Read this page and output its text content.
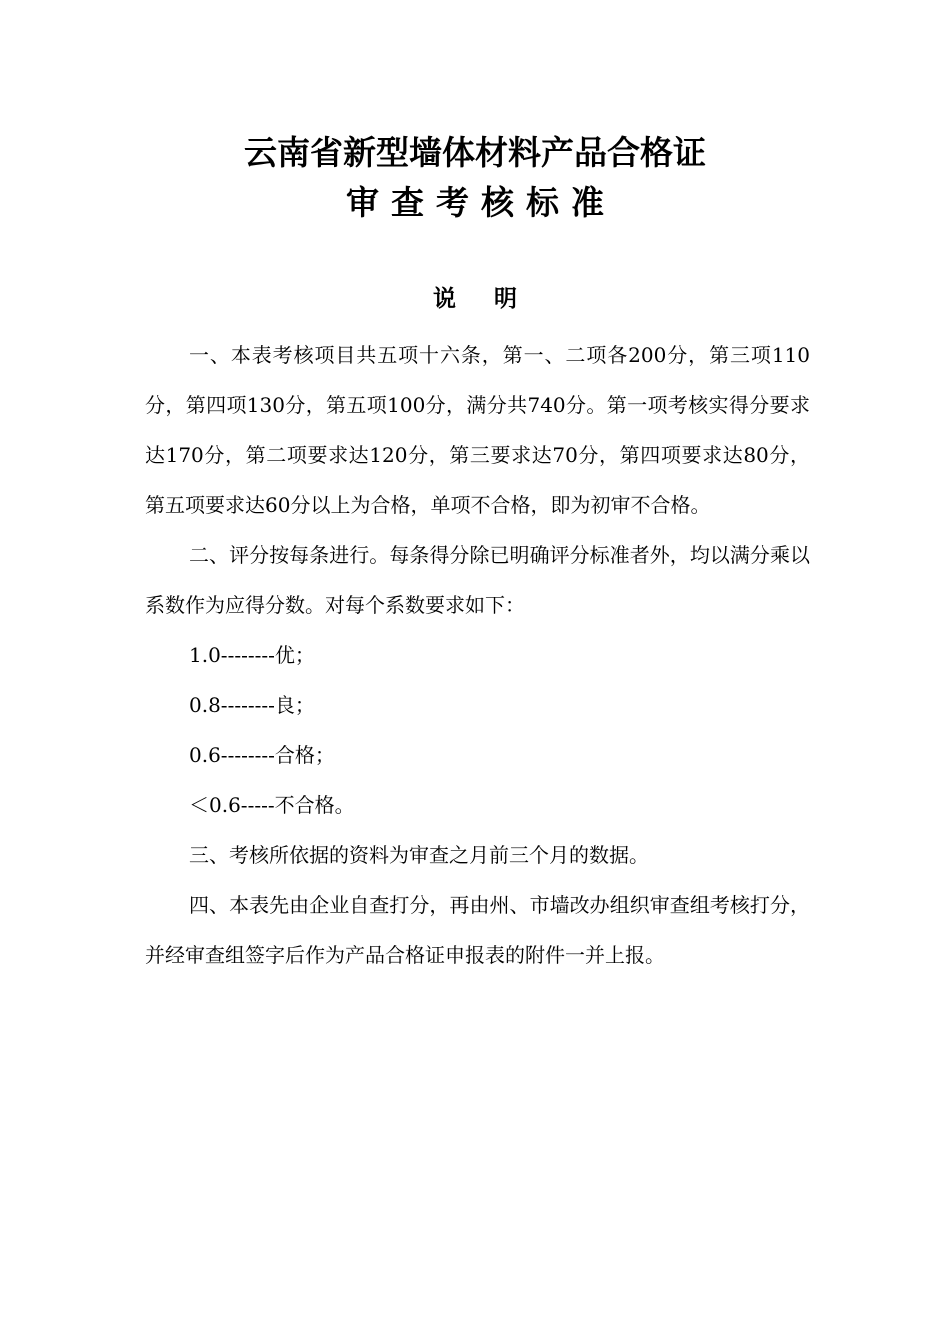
云南省新型墙体材料产品合格证
审查考核标准
说明

一、本表考核项目共五项十六条，第一、二项各200分，第三项110分，第四项130分，第五项100分，满分共740分。第一项考核实得分要求达170分，第二项要求达120分，第三要求达70分，第四项要求达80分，第五项要求达60分以上为合格，单项不合格，即为初审不合格。

二、评分按每条进行。每条得分除已明确评分标准者外，均以满分乘以系数作为应得分数。对每个系数要求如下：

1.0--------优；

0.8--------良；

0.6--------合格；

＜0.6-----不合格。

三、考核所依据的资料为审查之月前三个月的数据。

四、本表先由企业自查打分，再由州、市墙改办组织审查组考核打分，并经审查组签字后作为产品合格证申报表的附件一并上报。
